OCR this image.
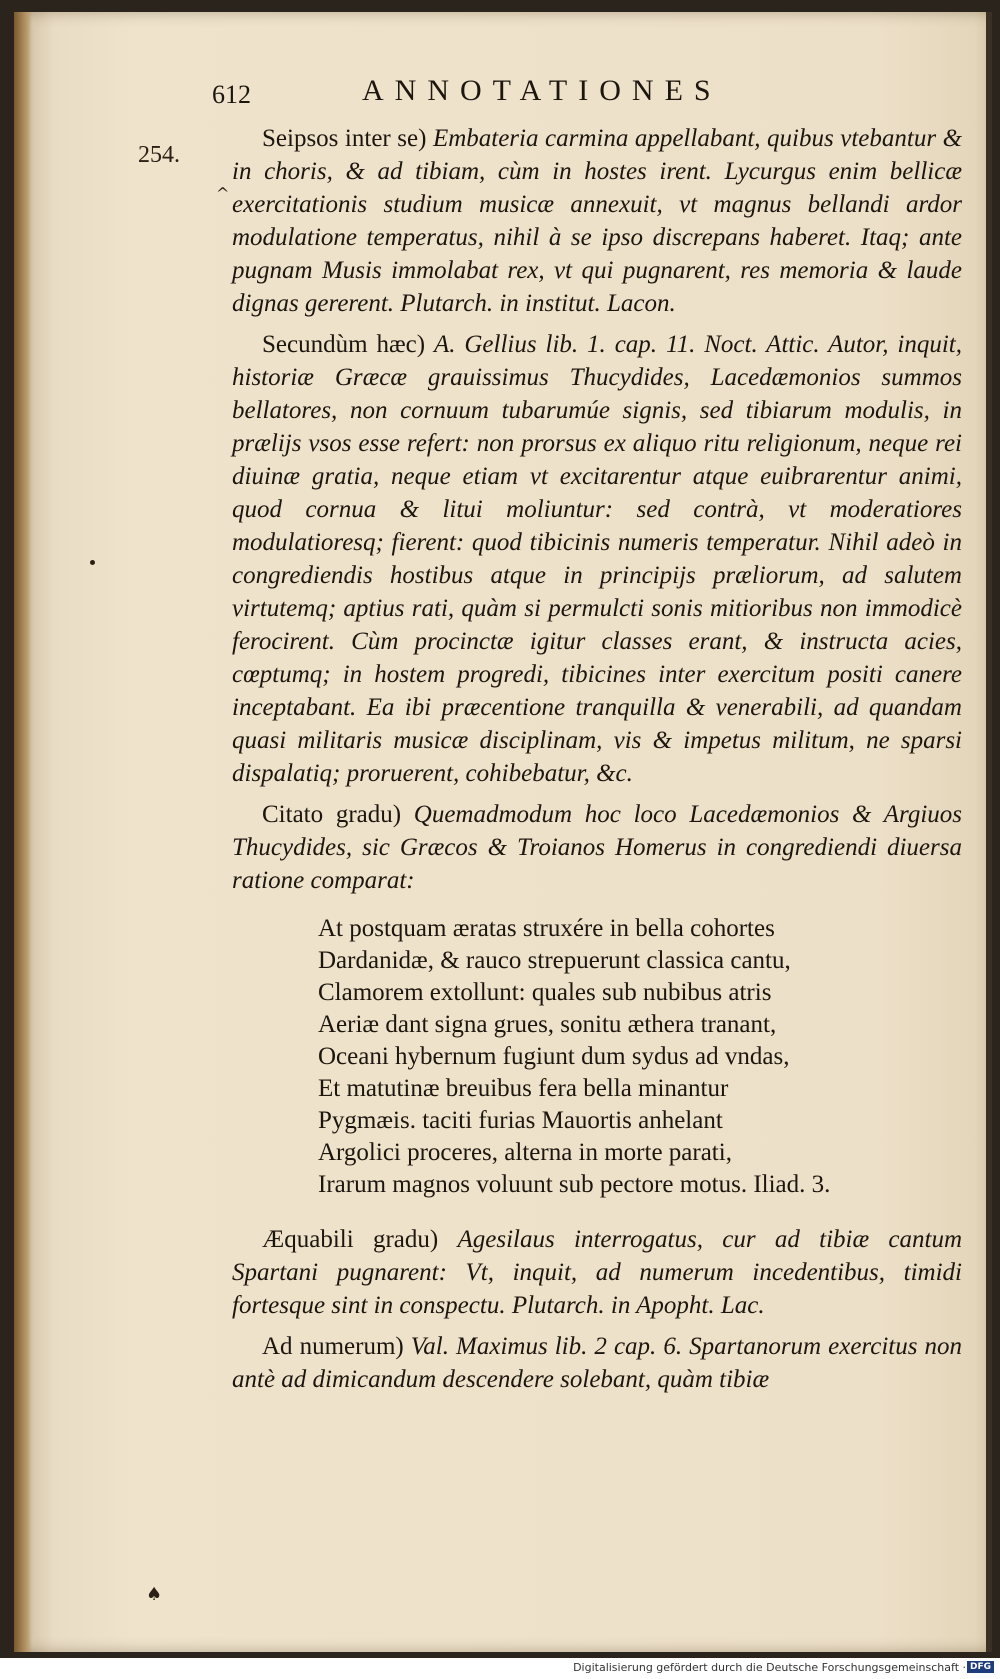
612	ANNOTATIONES
254.
^
♠

Seipsos inter se) Embateria carmina appellabant, quibus vtebantur & in choris, & ad tibiam, cùm in hostes irent. Lycurgus enim bellicæ exercitationis studium musicæ annexuit, vt magnus bellandi ardor modulatione temperatus, nihil à se ipso discrepans haberet. Itaq; ante pugnam Musis immolabat rex, vt qui pugnarent, res memoria & laude dignas gererent. Plutarch. in institut. Lacon.

Secundùm hæc) A. Gellius lib. 1. cap. 11. Noct. Attic. Autor, inquit, historiæ Græcæ grauissimus Thucydides, Lacedæmonios summos bellatores, non cornuum tubarumúe signis, sed tibiarum modulis, in prælijs vsos esse refert: non prorsus ex aliquo ritu religionum, neque rei diuinæ gratia, neque etiam vt excitarentur atque euibrarentur animi, quod cornua & litui moliuntur: sed contrà, vt moderatiores modulatioresq; fierent: quod tibicinis numeris temperatur. Nihil adeò in congrediendis hostibus atque in principijs præliorum, ad salutem virtutemq; aptius rati, quàm si permulcti sonis mitioribus non immodicè ferocirent. Cùm procinctæ igitur classes erant, & instructa acies, cœptumq; in hostem progredi, tibicines inter exercitum positi canere inceptabant. Ea ibi præcentione tranquilla & venerabili, ad quandam quasi militaris musicæ disciplinam, vis & impetus militum, ne sparsi dispalatiq; proruerent, cohibebatur, &c.

Citato gradu) Quemadmodum hoc loco Lacedæmonios & Argiuos Thucydides, sic Græcos & Troianos Homerus in congrediendi diuersa ratione comparat:

At postquam æratas struxére in bella cohortes
Dardanidæ, & rauco strepuerunt classica cantu,
Clamorem extollunt: quales sub nubibus atris
Aeriæ dant signa grues, sonitu æthera tranant,
Oceani hybernum fugiunt dum sydus ad vndas,
Et matutinæ breuibus fera bella minantur
Pygmæis. taciti furias Mauortis anhelant
Argolici proceres, alterna in morte parati,
Irarum magnos voluunt sub pectore motus. Iliad. 3.

Æquabili gradu) Agesilaus interrogatus, cur ad tibiæ cantum Spartani pugnarent: Vt, inquit, ad numerum incedentibus, timidi fortesque sint in conspectu. Plutarch. in Apopht. Lac.

Ad numerum) Val. Maximus lib. 2 cap. 6. Spartanorum exercitus non antè ad dimicandum descendere solebant, quàm tibiæ

Digitalisierung gefördert durch die Deutsche Forschungsgemeinschaft · DFG
